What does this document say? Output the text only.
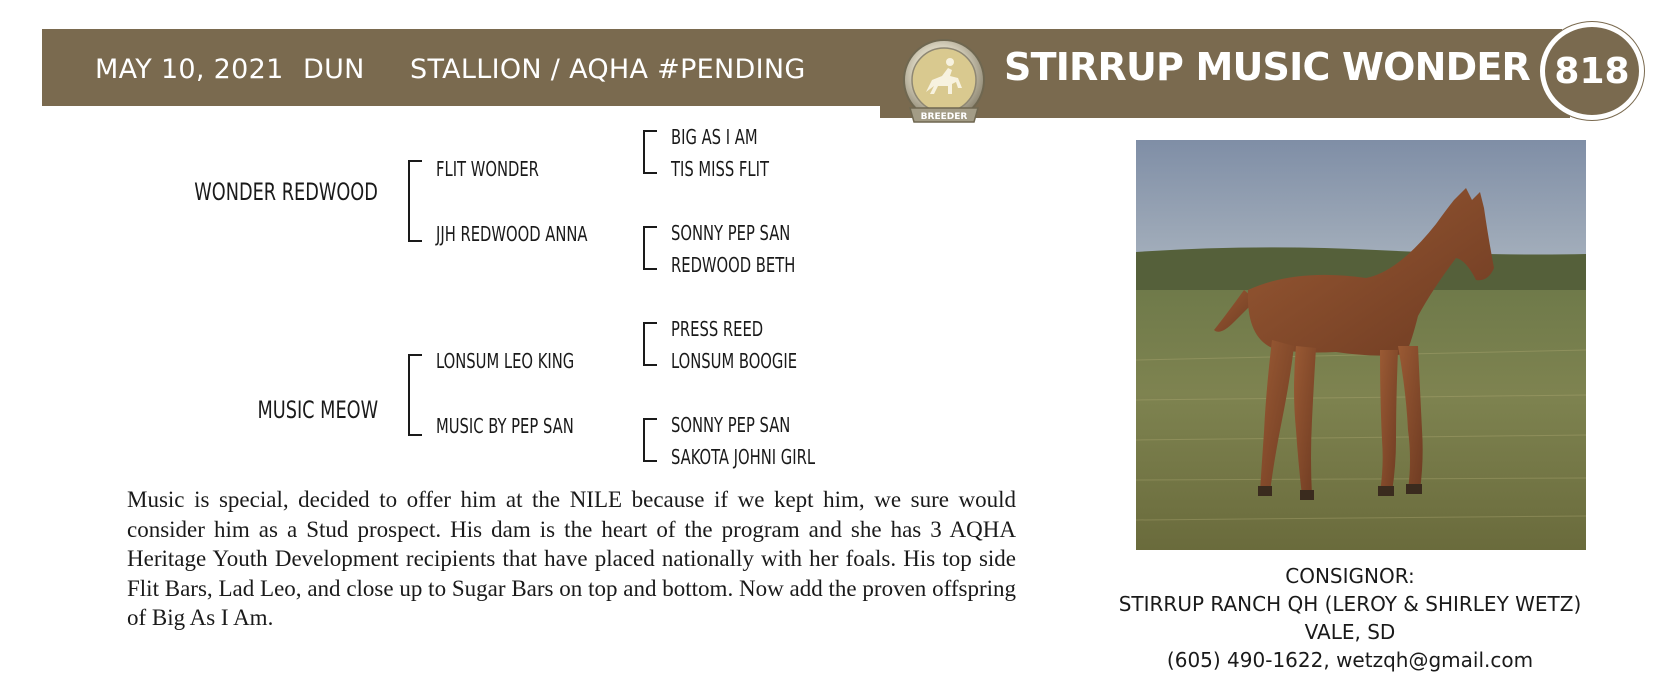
MAY 10, 2021 DUN STALLION / AQHA #PENDING	STIRRUP MUSIC WONDER 818
BREEDER
WONDER REDWOOD
FLIT WONDER
JJH REDWOOD ANNA
BIG AS I AM
TIS MISS FLIT
SONNY PEP SAN
REDWOOD BETH
MUSIC MEOW
LONSUM LEO KING
MUSIC BY PEP SAN
PRESS REED
LONSUM BOOGIE
SONNY PEP SAN
SAKOTA JOHNI GIRL
Music is special, decided to offer him at the NILE because if we kept him, we sure would consider him as a Stud prospect. His dam is the heart of the program and she has 3 AQHA Heritage Youth Development recipients that have placed nationally with her foals. His top side Flit Bars, Lad Leo, and close up to Sugar Bars on top and bottom. Now add the proven offspring of Big As I Am.
CONSIGNOR:
STIRRUP RANCH QH (LEROY & SHIRLEY WETZ)
VALE, SD
(605) 490-1622, wetzqh@gmail.com
